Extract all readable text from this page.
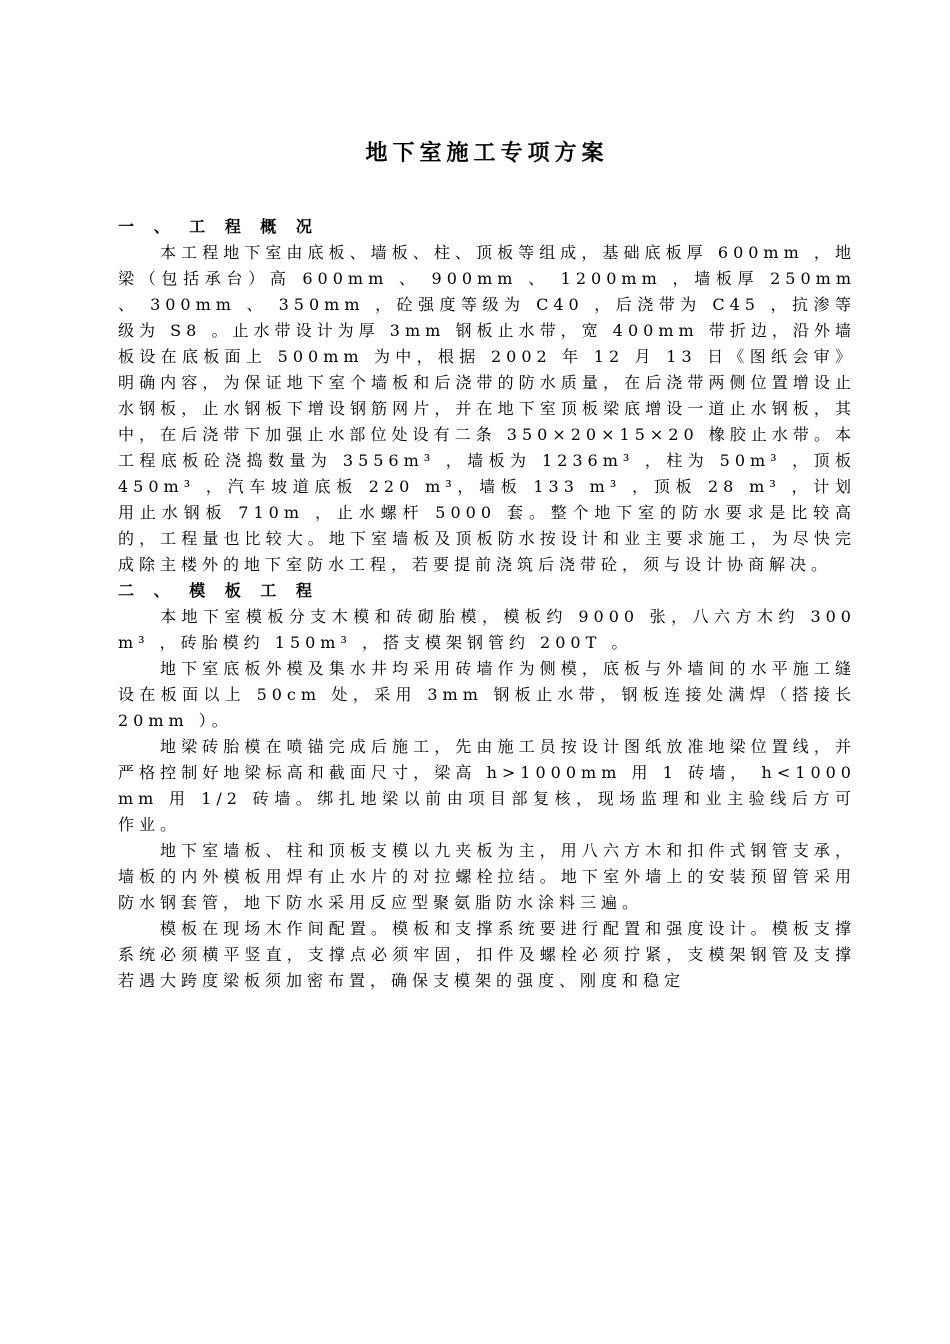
地下室施工专项方案
一 、 工 程 概 况

本工程地下室由底板、墙板、柱、顶板等组成，基础底板厚 600mm ，地梁（包括承台）高 600mm 、 900mm 、 1200mm ，墙板厚 250mm 、 300mm 、 350mm ，砼强度等级为 C40 ，后浇带为 C45 ，抗渗等级为 S8 。止水带设计为厚 3mm 钢板止水带，宽 400mm 带折边，沿外墙板设在底板面上 500mm 为中，根据 2002 年 12 月 13 日《图纸会审》明确内容，为保证地下室个墙板和后浇带的防水质量，在后浇带两侧位置增设止水钢板，止水钢板下增设钢筋网片，并在地下室顶板梁底增设一道止水钢板，其中，在后浇带下加强止水部位处设有二条 350×20×15×20 橡胶止水带。本工程底板砼浇捣数量为 3556m³ ，墙板为 1236m³ ，柱为 50m³ ，顶板 450m³ ，汽车坡道底板 220 m³，墙板 133 m³ ，顶板 28 m³ ，计划用止水钢板 710m ，止水螺杆 5000 套。整个地下室的防水要求是比较高的，工程量也比较大。地下室墙板及顶板防水按设计和业主要求施工，为尽快完成除主楼外的地下室防水工程，若要提前浇筑后浇带砼，须与设计协商解决。

二 、 模 板 工 程

本地下室模板分支木模和砖砌胎模，模板约 9000 张，八六方木约 300 m³ ，砖胎模约 150m³ ，搭支模架钢管约 200T 。

地下室底板外模及集水井均采用砖墙作为侧模，底板与外墙间的水平施工缝设在板面以上 50cm 处，采用 3mm 钢板止水带，钢板连接处满焊（搭接长 20mm ）。

地梁砖胎模在喷锚完成后施工，先由施工员按设计图纸放准地梁位置线，并严格控制好地梁标高和截面尺寸，梁高 h>1000mm 用 1 砖墙， h<1000mm 用 1/2 砖墙。绑扎地梁以前由项目部复核，现场监理和业主验线后方可作业。

地下室墙板、柱和顶板支模以九夹板为主，用八六方木和扣件式钢管支承，墙板的内外模板用焊有止水片的对拉螺栓拉结。地下室外墙上的安装预留管采用防水钢套管，地下防水采用反应型聚氨脂防水涂料三遍。

模板在现场木作间配置。模板和支撑系统要进行配置和强度设计。模板支撑系统必须横平竖直，支撑点必须牢固，扣件及螺栓必须拧紧，支模架钢管及支撑若遇大跨度梁板须加密布置，确保支模架的强度、刚度和稳定
